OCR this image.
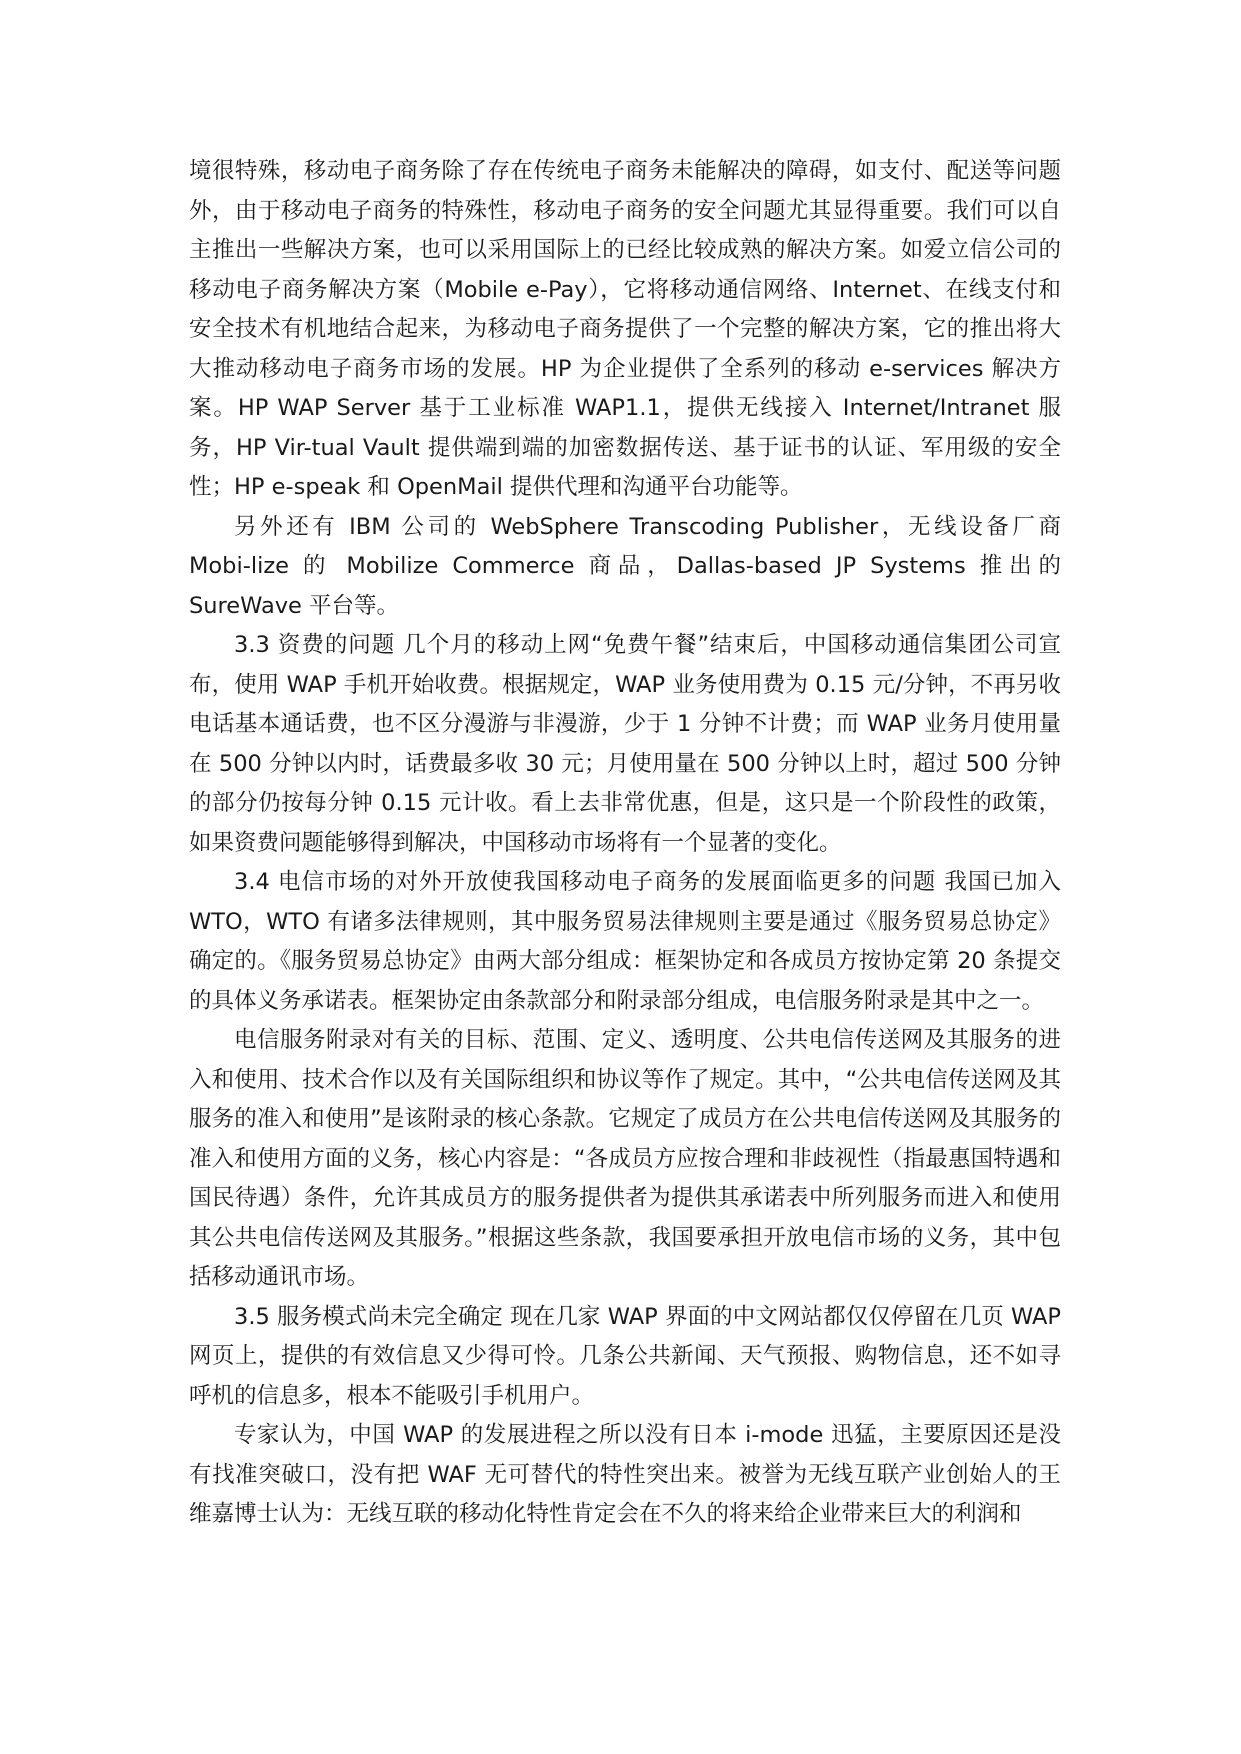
境很特殊，移动电子商务除了存在传统电子商务未能解决的障碍，如支付、配送等问题外，由于移动电子商务的特殊性，移动电子商务的安全问题尤其显得重要。我们可以自主推出一些解决方案，也可以采用国际上的已经比较成熟的解决方案。如爱立信公司的移动电子商务解决方案（Mobile e-Pay），它将移动通信网络、Internet、在线支付和安全技术有机地结合起来，为移动电子商务提供了一个完整的解决方案，它的推出将大大推动移动电子商务市场的发展。HP 为企业提供了全系列的移动 e-services 解决方案。HP WAP Server 基于工业标准 WAP1.1，提供无线接入 Internet/Intranet 服务，HP Vir-tual Vault 提供端到端的加密数据传送、基于证书的认证、军用级的安全性；HP e-speak 和 OpenMail 提供代理和沟通平台功能等。

另外还有 IBM 公司的 WebSphere Transcoding Publisher，无线设备厂商 Mobi-lize 的 Mobilize Commerce 商品，Dallas-based JP Systems 推出的 SureWave 平台等。

3.3 资费的问题 几个月的移动上网“免费午餐”结束后，中国移动通信集团公司宣布，使用 WAP 手机开始收费。根据规定，WAP 业务使用费为 0.15 元/分钟，不再另收电话基本通话费，也不区分漫游与非漫游，少于 1 分钟不计费；而 WAP 业务月使用量在 500 分钟以内时，话费最多收 30 元；月使用量在 500 分钟以上时，超过 500 分钟的部分仍按每分钟 0.15 元计收。看上去非常优惠，但是，这只是一个阶段性的政策，如果资费问题能够得到解决，中国移动市场将有一个显著的变化。

3.4 电信市场的对外开放使我国移动电子商务的发展面临更多的问题 我国已加入 WTO，WTO 有诸多法律规则，其中服务贸易法律规则主要是通过《服务贸易总协定》确定的。《服务贸易总协定》由两大部分组成：框架协定和各成员方按协定第 20 条提交的具体义务承诺表。框架协定由条款部分和附录部分组成，电信服务附录是其中之一。

电信服务附录对有关的目标、范围、定义、透明度、公共电信传送网及其服务的进入和使用、技术合作以及有关国际组织和协议等作了规定。其中，“公共电信传送网及其服务的准入和使用”是该附录的核心条款。它规定了成员方在公共电信传送网及其服务的准入和使用方面的义务，核心内容是：“各成员方应按合理和非歧视性（指最惠国特遇和国民待遇）条件，允许其成员方的服务提供者为提供其承诺表中所列服务而进入和使用其公共电信传送网及其服务。”根据这些条款，我国要承担开放电信市场的义务，其中包括移动通讯市场。

3.5 服务模式尚未完全确定 现在几家 WAP 界面的中文网站都仅仅停留在几页 WAP 网页上，提供的有效信息又少得可怜。几条公共新闻、天气预报、购物信息，还不如寻呼机的信息多，根本不能吸引手机用户。

专家认为，中国 WAP 的发展进程之所以没有日本 i-mode 迅猛，主要原因还是没有找准突破口，没有把 WAF 无可替代的特性突出来。被誉为无线互联产业创始人的王维嘉博士认为：无线互联的移动化特性肯定会在不久的将来给企业带来巨大的利润和
